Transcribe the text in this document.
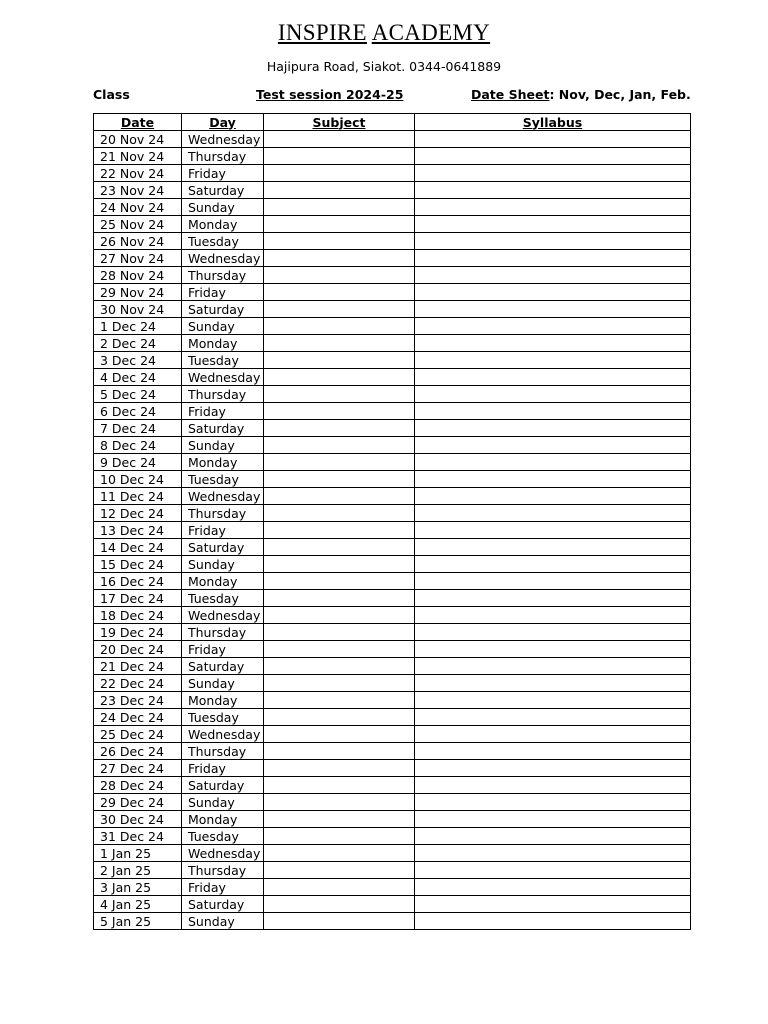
INSPIRE ACADEMY
Hajipura Road, Siakot. 0344-0641889
Class	Test session 2024-25	Date Sheet: Nov, Dec, Jan, Feb.
Date	Day	Subject	Syllabus
20 Nov 24	Wednesday		
21 Nov 24	Thursday		
22 Nov 24	Friday		
23 Nov 24	Saturday		
24 Nov 24	Sunday		
25 Nov 24	Monday		
26 Nov 24	Tuesday		
27 Nov 24	Wednesday		
28 Nov 24	Thursday		
29 Nov 24	Friday		
30 Nov 24	Saturday		
1 Dec 24	Sunday		
2 Dec 24	Monday		
3 Dec 24	Tuesday		
4 Dec 24	Wednesday		
5 Dec 24	Thursday		
6 Dec 24	Friday		
7 Dec 24	Saturday		
8 Dec 24	Sunday		
9 Dec 24	Monday		
10 Dec 24	Tuesday		
11 Dec 24	Wednesday		
12 Dec 24	Thursday		
13 Dec 24	Friday		
14 Dec 24	Saturday		
15 Dec 24	Sunday		
16 Dec 24	Monday		
17 Dec 24	Tuesday		
18 Dec 24	Wednesday		
19 Dec 24	Thursday		
20 Dec 24	Friday		
21 Dec 24	Saturday		
22 Dec 24	Sunday		
23 Dec 24	Monday		
24 Dec 24	Tuesday		
25 Dec 24	Wednesday		
26 Dec 24	Thursday		
27 Dec 24	Friday		
28 Dec 24	Saturday		
29 Dec 24	Sunday		
30 Dec 24	Monday		
31 Dec 24	Tuesday		
1 Jan 25	Wednesday		
2 Jan 25	Thursday		
3 Jan 25	Friday		
4 Jan 25	Saturday		
5 Jan 25	Sunday		
